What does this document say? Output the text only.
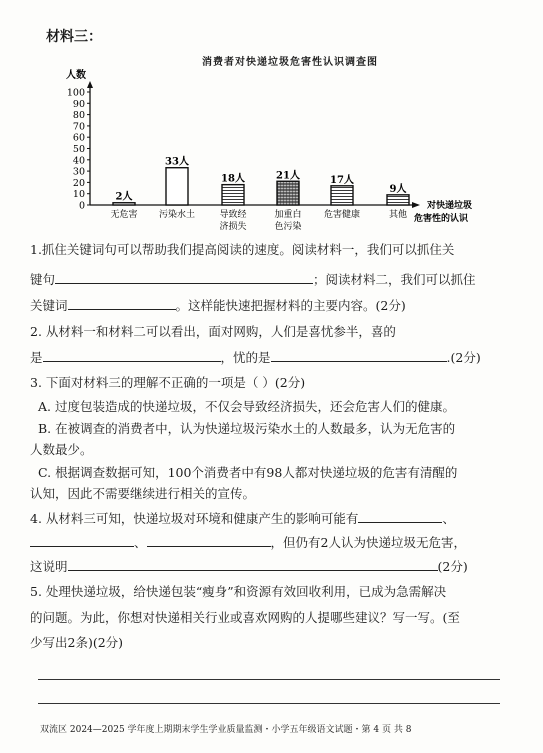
材料三：
消费者对快递垃圾危害性认识调查图
人数
0
10
20
30
40
50
60
70
80
90
100
2人
无危害
33人
污染水土
18人
导致经
济损失
21人
加重白
色污染
17人
危害健康
9人
其他
对快递垃圾
危害性的认识
1.抓住关键词句可以帮助我们提高阅读的速度。阅读材料一，我们可以抓住关
键句	；阅读材料二，我们可以抓住
关键词	。这样能快速把握材料的主要内容。(2分)
2. 从材料一和材料二可以看出，面对网购，人们是喜忧参半，喜的
是	，忧的是	.(2分)
3. 下面对材料三的理解不正确的一项是（ ）(2分)
A. 过度包装造成的快递垃圾，不仅会导致经济损失，还会危害人们的健康。
B. 在被调查的消费者中，认为快递垃圾污染水土的人数最多，认为无危害的
人数最少。
C. 根据调查数据可知，100个消费者中有98人都对快递垃圾的危害有清醒的
认知，因此不需要继续进行相关的宣传。
4. 从材料三可知，快递垃圾对环境和健康产生的影响可能有	、
、	，但仍有2人认为快递垃圾无危害，
这说明	(2分)
5. 处理快递垃圾，给快递包装“瘦身”和资源有效回收利用，已成为急需解决
的问题。为此，你想对快递相关行业或喜欢网购的人提哪些建议？写一写。(至
少写出2条)(2分)
双流区 2024—2025 学年度上期期末学生学业质量监测・小学五年级语文试题・第 4 页 共 8
